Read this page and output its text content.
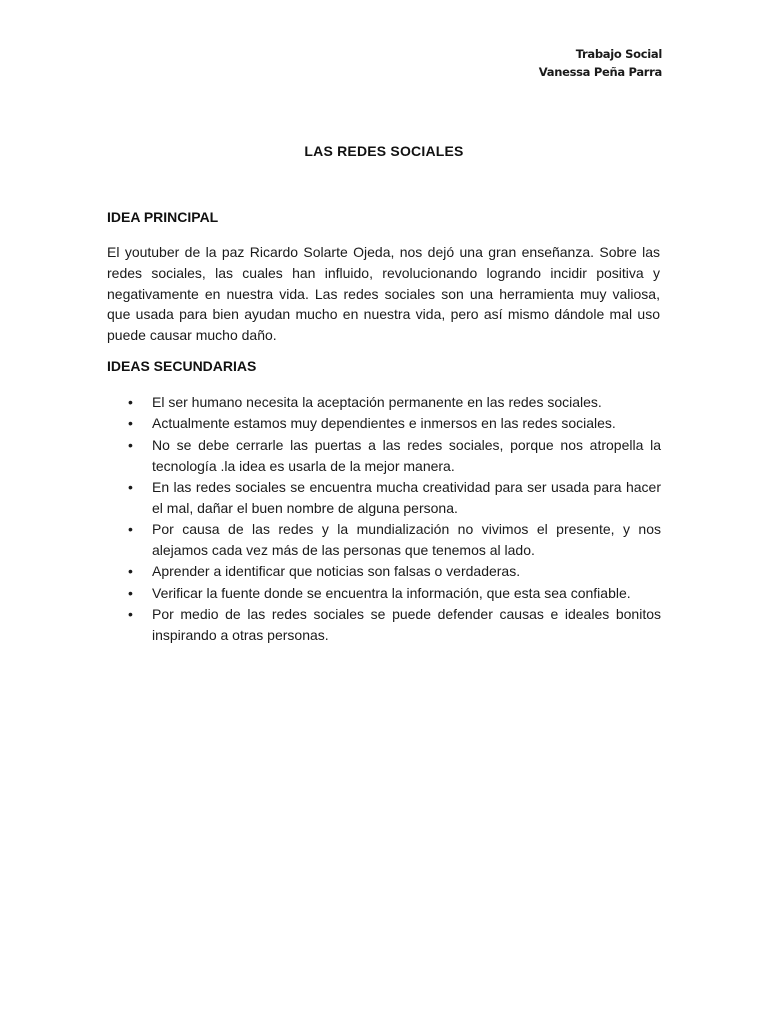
Trabajo Social
Vanessa Peña Parra
LAS REDES SOCIALES
IDEA PRINCIPAL
El youtuber de la paz Ricardo Solarte Ojeda, nos dejó una gran enseñanza. Sobre las redes sociales, las cuales han influido, revolucionando logrando incidir positiva y negativamente en nuestra vida. Las redes sociales son una herramienta muy valiosa, que usada para bien ayudan mucho en nuestra vida, pero así mismo dándole mal uso puede causar mucho daño.
IDEAS SECUNDARIAS
• El ser humano necesita la aceptación permanente en las redes sociales.
• Actualmente estamos muy dependientes e inmersos en las redes sociales.
• No se debe cerrarle las puertas a las redes sociales, porque nos atropella la tecnología .la idea es usarla de la mejor manera.
• En las redes sociales se encuentra mucha creatividad para ser usada para hacer el mal, dañar el buen nombre de alguna persona.
• Por causa de las redes y la mundialización no vivimos el presente, y nos alejamos cada vez más de las personas que tenemos al lado.
• Aprender a identificar que noticias son falsas o verdaderas.
• Verificar la fuente donde se encuentra la información, que esta sea confiable.
• Por medio de las redes sociales se puede defender causas e ideales bonitos inspirando a otras personas.
